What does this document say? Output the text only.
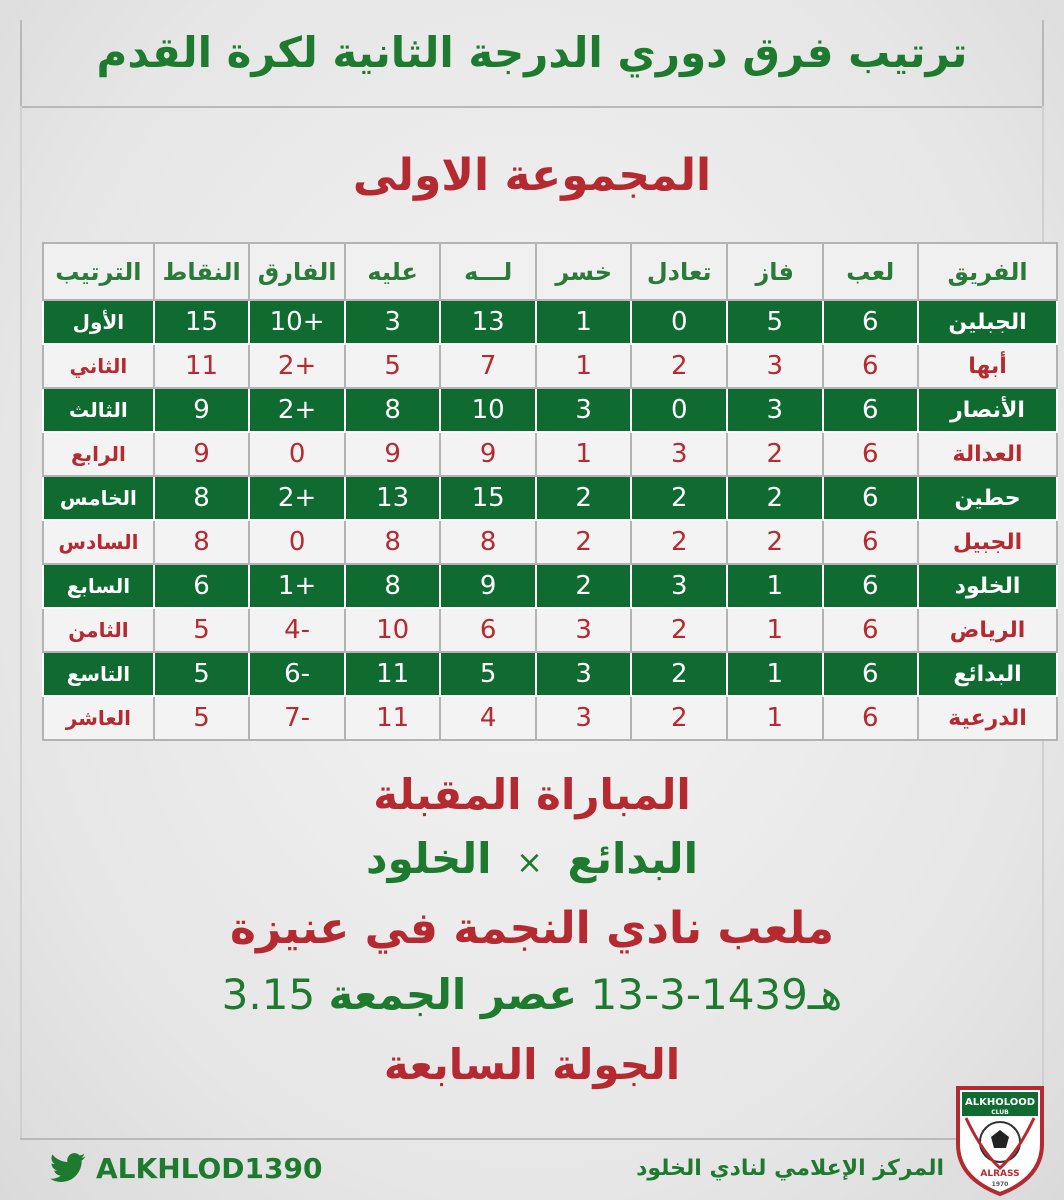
ترتيب فرق دوري الدرجة الثانية لكرة القدم
المجموعة الاولى
الفريق	لعب	فاز	تعادل	خسر	لـــه	عليه	الفارق	النقاط	الترتيب
الجبلين	6	5	0	1	13	3	+10	15	الأول
أبها	6	3	2	1	7	5	+2	11	الثاني
الأنصار	6	3	0	3	10	8	+2	9	الثالث
العدالة	6	2	3	1	9	9	0	9	الرابع
حطين	6	2	2	2	15	13	+2	8	الخامس
الجبيل	6	2	2	2	8	8	0	8	السادس
الخلود	6	1	3	2	9	8	+1	6	السابع
الرياض	6	1	2	3	6	10	-4	5	الثامن
البدائع	6	1	2	3	5	11	-6	5	التاسع
الدرعية	6	1	2	3	4	11	-7	5	العاشر
المباراة المقبلة
البدائع × الخلود
ملعب نادي النجمة في عنيزة
13-3-1439هـ عصر الجمعة 3.15
الجولة السابعة
ALKHLOD1390	المركز الإعلامي لنادي الخلود
ALKHOLOOD
CLUB
ALRASS
1970
